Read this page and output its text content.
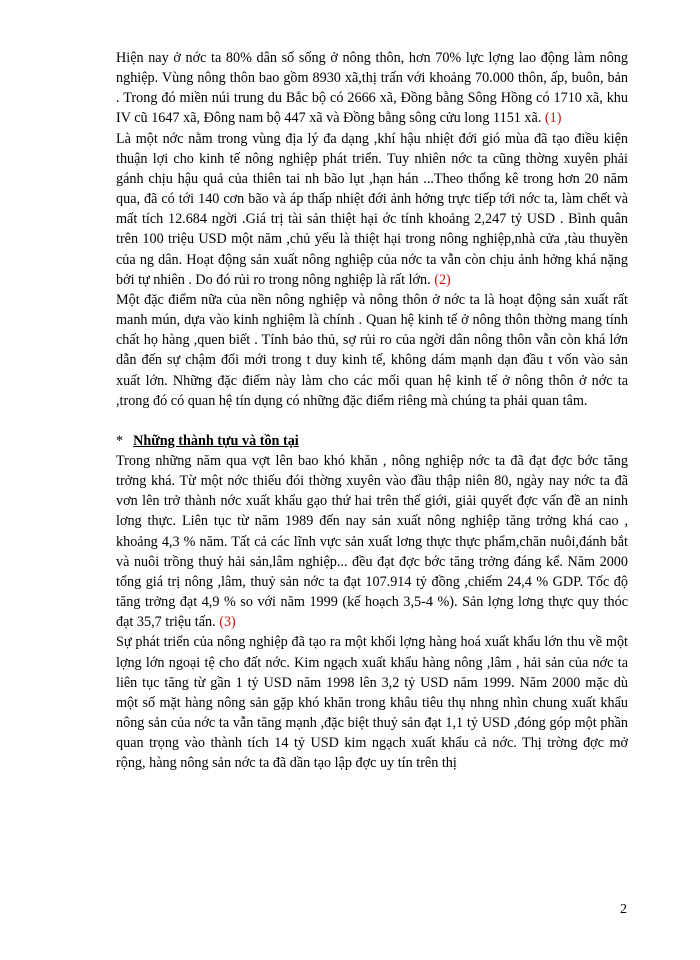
Hiện nay ở nớc ta 80% dân số sống ở nông thôn, hơn 70% lực lợng lao động làm nông nghiệp. Vùng nông thôn bao gồm 8930 xã,thị trấn với khoảng 70.000 thôn, ấp, buôn, bản . Trong đó miền núi trung du Bắc bộ có 2666 xã, Đồng bằng Sông Hồng có 1710 xã, khu IV cũ 1647 xã, Đông nam bộ 447 xã và Đồng bằng sông cửu long 1151 xã. (1)

Là một nớc nằm trong vùng địa lý đa dạng ,khí hậu nhiệt đới gió mùa đã tạo điều kiện thuận lợi cho kinh tế nông nghiệp phát triển. Tuy nhiên nớc ta cũng thờng xuyên phải gánh chịu hậu quả của thiên tai nh bão lụt ,hạn hán ...Theo thống kê trong hơn 20 năm qua, đã có tới 140 cơn bão và áp thấp nhiệt đới ảnh hởng trực tiếp tới nớc ta, làm chết và mất tích 12.684 ngời .Giá trị tài sản thiệt hại ớc tính khoảng 2,247 tỷ USD . Bình quân trên 100 triệu USD một năm ,chủ yếu là thiệt hại trong nông nghiệp,nhà cửa ,tàu thuyền của ng dân. Hoạt động sản xuất nông nghiệp của nớc ta vẫn còn chịu ảnh hởng khá nặng bởi tự nhiên . Do đó rủi ro trong nông nghiệp là rất lớn. (2)

Một đặc điểm nữa của nền nông nghiệp và nông thôn ở nớc ta là hoạt động sản xuất rất manh mún, dựa vào kinh nghiệm là chính . Quan hệ kinh tế ở nông thôn thờng mang tính chất họ hàng ,quen biết . Tính bảo thủ, sợ rủi ro của ngời dân nông thôn vẫn còn khá lớn dẫn đến sự chậm đổi mới trong t duy kinh tế, không dám mạnh dạn đầu t vốn vào sản xuất lớn. Những đặc điểm này làm cho các mối quan hệ kinh tế ở nông thôn ở nớc ta ,trong đó có quan hệ tín dụng có những đặc điểm riêng mà chúng ta phải quan tâm.

* Những thành tựu và tồn tại

Trong những năm qua vợt lên bao khó khăn , nông nghiệp nớc ta đã đạt đợc bớc tăng trởng khá. Từ một nớc thiếu đói thờng xuyên vào đầu thập niên 80, ngày nay nớc ta đã vơn lên trở thành nớc xuất khẩu gạo thứ hai trên thế giới, giải quyết đợc vấn đề an ninh lơng thực. Liên tục từ năm 1989 đến nay sản xuất nông nghiệp tăng trởng khá cao , khoảng 4,3 % năm. Tất cả các lĩnh vực sản xuất lơng thực thực phẩm,chăn nuôi,đánh bắt và nuôi trồng thuỷ hải sản,lâm nghiệp... đều đạt đợc bớc tăng trởng đáng kể. Năm 2000 tổng giá trị nông ,lâm, thuỷ sản nớc ta đạt 107.914 tỷ đồng ,chiếm 24,4 % GDP. Tốc độ tăng trởng đạt 4,9 % so với năm 1999 (kế hoạch 3,5-4 %). Sản lợng lơng thực quy thóc đạt 35,7 triệu tấn. (3)

Sự phát triển của nông nghiệp đã tạo ra một khối lợng hàng hoá xuất khẩu lớn thu về một lợng lớn ngoại tệ cho đất nớc. Kim ngạch xuất khẩu hàng nông ,lâm , hải sản của nớc ta liên tục tăng từ gần 1 tỷ USD năm 1998 lên 3,2 tỷ USD năm 1999. Năm 2000 mặc dù một số mặt hàng nông sản gặp khó khăn trong khâu tiêu thụ nhng nhìn chung xuất khẩu nông sản của nớc ta vẫn tăng mạnh ,đặc biệt thuỷ sản đạt 1,1 tỷ USD ,đóng góp một phần quan trọng vào thành tích 14 tỷ USD kim ngạch xuất khẩu cả nớc. Thị trờng đợc mở rộng, hàng nông sản nớc ta đã dần tạo lập đợc uy tín trên thị

2
